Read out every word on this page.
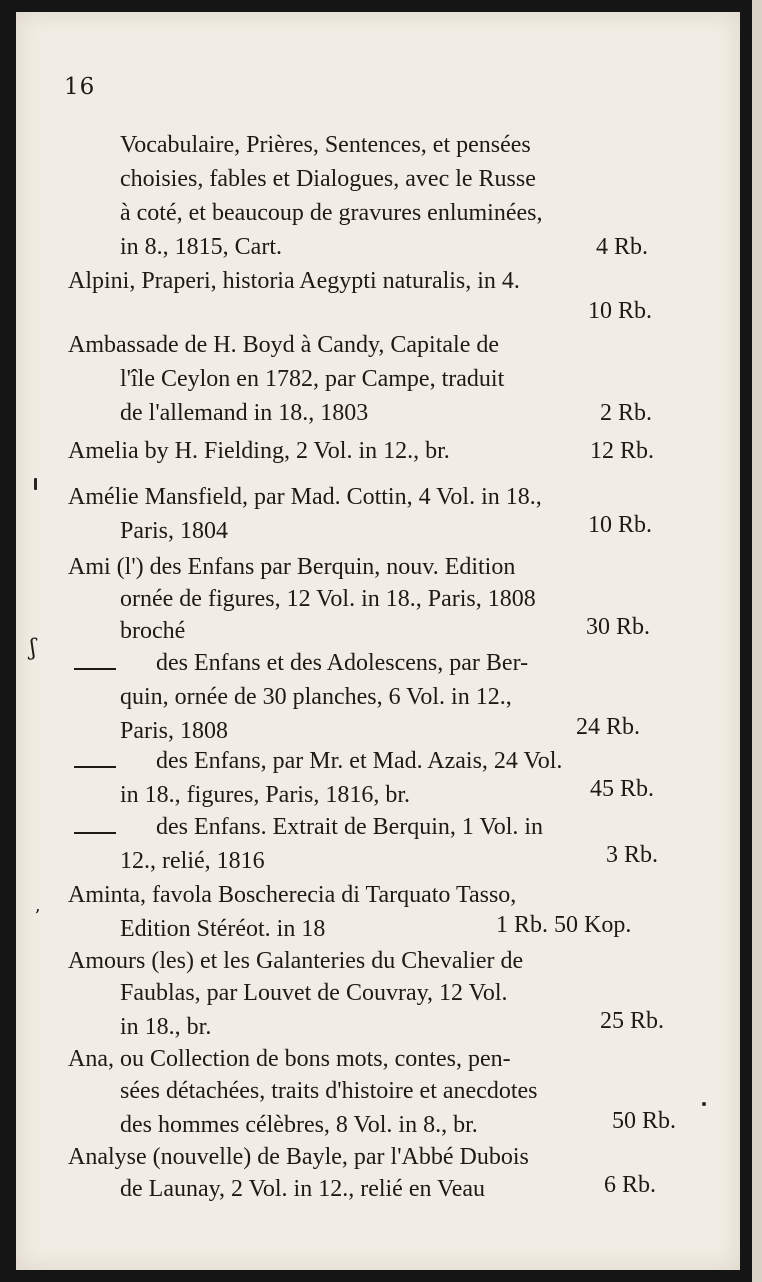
16
Vocabulaire, Prières, Sentences, et pensées
choisies, fables et Dialogues, avec le Russe
à coté, et beaucoup de gravures enluminées,
in 8., 1815, Cart.	4 Rb.
Alpini, Praperi, historia Aegypti naturalis, in 4.
10 Rb.
Ambassade de H. Boyd à Candy, Capitale de
l'île Ceylon en 1782, par Campe, traduit
de l'allemand in 18., 1803	2 Rb.
Amelia by H. Fielding, 2 Vol. in 12., br.	12 Rb.
Amélie Mansfield, par Mad. Cottin, 4 Vol. in 18.,
Paris, 1804	10 Rb.
Ami (l') des Enfans par Berquin, nouv. Edition
ornée de figures, 12 Vol. in 18., Paris, 1808
broché	30 Rb.
des Enfans et des Adolescens, par Ber-
quin, ornée de 30 planches, 6 Vol. in 12.,
Paris, 1808	24 Rb.
des Enfans, par Mr. et Mad. Azais, 24 Vol.
in 18., figures, Paris, 1816, br.	45 Rb.
des Enfans. Extrait de Berquin, 1 Vol. in
12., relié, 1816	3 Rb.
Aminta, favola Boscherecia di Tarquato Tasso,
Edition Stéréot. in 18	1 Rb. 50 Kop.
Amours (les) et les Galanteries du Chevalier de
Faublas, par Louvet de Couvray, 12 Vol.
in 18., br.	25 Rb.
Ana, ou Collection de bons mots, contes, pen-
sées détachées, traits d'histoire et anecdotes
des hommes célèbres, 8 Vol. in 8., br.	50 Rb.
Analyse (nouvelle) de Bayle, par l'Abbé Dubois
de Launay, 2 Vol. in 12., relié en Veau	6 Rb.
ʃ
ʼ
